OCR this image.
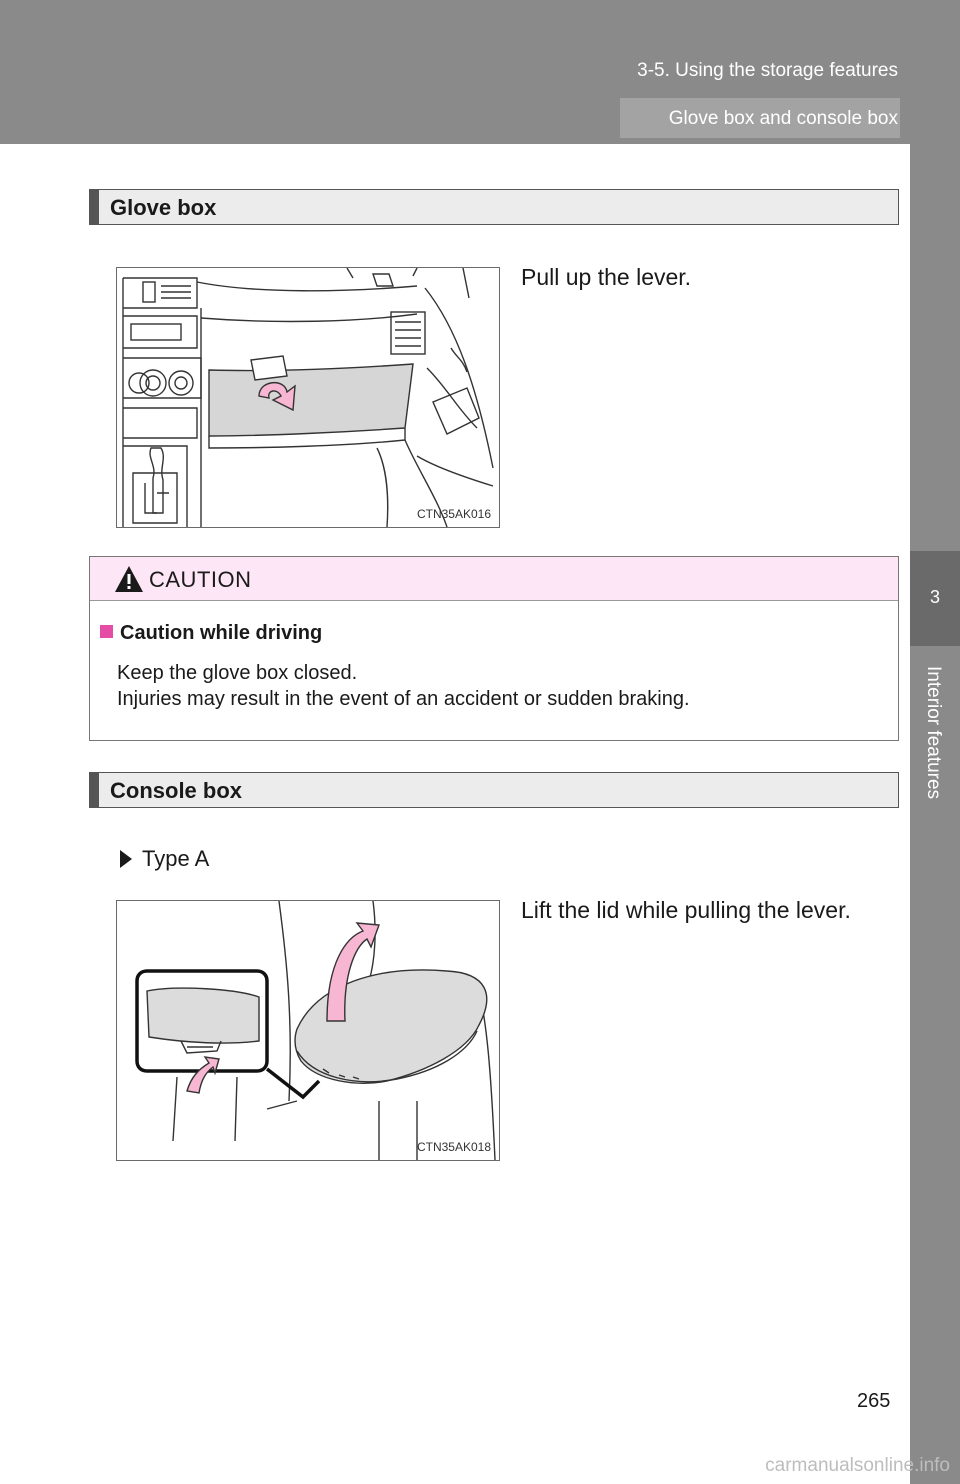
3-5. Using the storage features
Glove box and console box
3
Interior features
Glove box
CTN35AK016
Pull up the lever.
CAUTION
Caution while driving
Keep the glove box closed.
Injuries may result in the event of an accident or sudden braking.
Console box
Type A
CTN35AK018
Lift the lid while pulling the lever.
265
carmanualsonline.info
